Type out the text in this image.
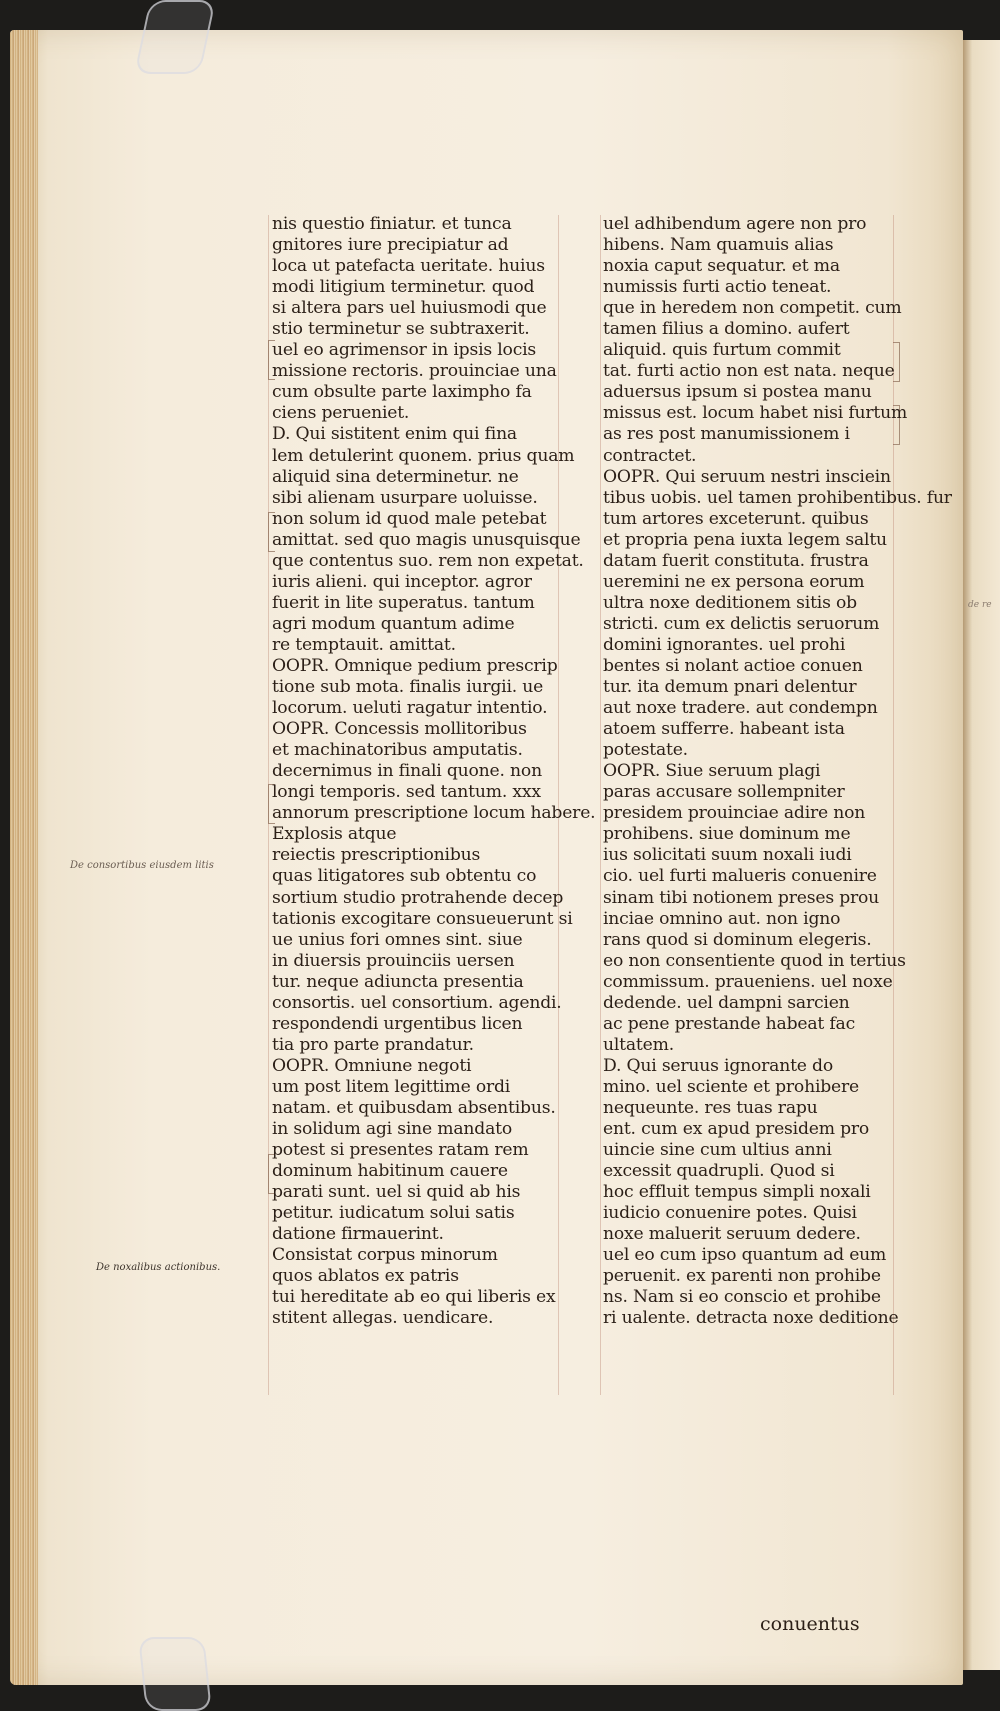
nis questio finiatur. et tunca
gnitores iure precipiatur ad
loca ut patefacta ueritate. huius
modi litigium terminetur. quod
si altera pars uel huiusmodi que
stio terminetur se subtraxerit.
uel eo agrimensor in ipsis locis
missione rectoris. prouinciae una
cum obsulte parte laximpho fa
ciens perueniet.
D. Qui sistitent enim qui fina
lem detulerint quonem. prius quam
aliquid sina determinetur. ne
sibi alienam usurpare uoluisse.
non solum id quod male petebat
amittat. sed quo magis unusquisque
que contentus suo. rem non expetat.
iuris alieni. qui inceptor. agror
fuerit in lite superatus. tantum
agri modum quantum adime
re temptauit. amittat.
OOPR. Omnique pedium prescrip
tione sub mota. finalis iurgii. ue
locorum. ueluti ragatur intentio.
OOPR. Concessis mollitoribus
et machinatoribus amputatis.
decernimus in finali quone. non
longi temporis. sed tantum. xxx
annorum prescriptione locum habere.
Explosis atque
reiectis prescriptionibus
quas litigatores sub obtentu co
sortium studio protrahende decep
tationis excogitare consueuerunt si
ue unius fori omnes sint. siue
in diuersis prouinciis uersen
tur. neque adiuncta presentia
consortis. uel consortium. agendi.
respondendi urgentibus licen
tia pro parte prandatur.
OOPR. Omniune negoti
um post litem legittime ordi
natam. et quibusdam absentibus.
in solidum agi sine mandato
potest si presentes ratam rem
dominum habitinum cauere
parati sunt. uel si quid ab his
petitur. iudicatum solui satis
datione firmauerint.
Consistat corpus minorum
quos ablatos ex patris
tui hereditate ab eo qui liberis ex
stitent allegas. uendicare.
uel adhibendum agere non pro
hibens. Nam quamuis alias
noxia caput sequatur. et ma
numissis furti actio teneat.
que in heredem non competit. cum
tamen filius a domino. aufert
aliquid. quis furtum commit
tat. furti actio non est nata. neque
aduersus ipsum si postea manu
missus est. locum habet nisi furtum
as res post manumissionem i
contractet.
OOPR. Qui seruum nestri insciein
tibus uobis. uel tamen prohibentibus. fur
tum artores exceterunt. quibus
et propria pena iuxta legem saltu
datam fuerit constituta. frustra
ueremini ne ex persona eorum
ultra noxe deditionem sitis ob
stricti. cum ex delictis seruorum
domini ignorantes. uel prohi
bentes si nolant actioe conuen
tur. ita demum pnari delentur
aut noxe tradere. aut condempn
atoem sufferre. habeant ista
potestate.
OOPR. Siue seruum plagi
paras accusare sollempniter
presidem prouinciae adire non
prohibens. siue dominum me
ius solicitati suum noxali iudi
cio. uel furti malueris conuenire
sinam tibi notionem preses prou
inciae omnino aut. non igno
rans quod si dominum elegeris.
eo non consentiente quod in tertius
commissum. praueniens. uel noxe
dedende. uel dampni sarcien
ac pene prestande habeat fac
ultatem.
D. Qui seruus ignorante do
mino. uel sciente et prohibere
nequeunte. res tuas rapu
ent. cum ex apud presidem pro
uincie sine cum ultius anni
excessit quadrupli. Quod si
hoc effluit tempus simpli noxali
iudicio conuenire potes. Quisi
noxe maluerit seruum dedere.
uel eo cum ipso quantum ad eum
peruenit. ex parenti non prohibe
ns. Nam si eo conscio et prohibe
ri ualente. detracta noxe deditione
De consortibus eiusdem litis
De noxalibus actionibus.
de re
conuentus
